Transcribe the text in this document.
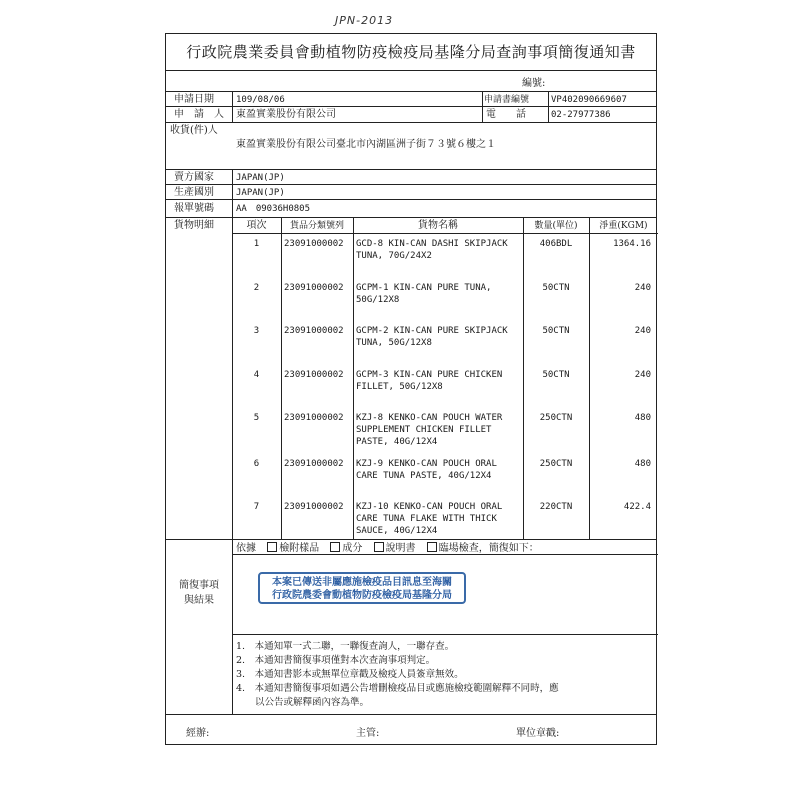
JPN-2013
行政院農業委員會動植物防疫檢疫局基隆分局查詢事項簡復通知書
編號:
申請日期 109/08/06	申請書編號 VP402090669607
申　請　人 東盈實業股份有限公司	電　　話	02-27977386
收貨(件)人
東盈實業股份有限公司臺北市內湖區洲子街７３號６樓之１
賣方國家 JAPAN(JP)
生產國別 JAPAN(JP)
報單號碼 AA　09036H0805
貨物明細	項次	貨品分類號列	貨物名稱	數量(單位)	淨重(KGM)
1	23091000002 GCD-8 KIN-CAN DASHI SKIPJACK
TUNA, 70G/24X2
406BDL	1364.16
2	23091000002 GCPM-1 KIN-CAN PURE TUNA,
50G/12X8
50CTN	240
3	23091000002 GCPM-2 KIN-CAN PURE SKIPJACK
TUNA, 50G/12X8
50CTN	240
4	23091000002 GCPM-3 KIN-CAN PURE CHICKEN
FILLET, 50G/12X8
50CTN	240
5	23091000002 KZJ-8 KENKO-CAN POUCH WATER
SUPPLEMENT CHICKEN FILLET
PASTE, 40G/12X4
250CTN	480
6	23091000002 KZJ-9 KENKO-CAN POUCH ORAL
CARE TUNA PASTE, 40G/12X4
250CTN	480
7	23091000002 KZJ-10 KENKO-CAN POUCH ORAL
CARE TUNA FLAKE WITH THICK
SAUCE, 40G/12X4
220CTN	422.4
依據 檢附樣品 成分 說明書 臨場檢查，簡復如下：
簡復事項
與結果
本案已傳送非屬應施檢疫品目訊息至海關
行政院農委會動植物防疫檢疫局基隆分局
1.　本通知單一式二聯，一聯復查詢人，一聯存查。
2.　本通知書簡復事項僅對本次查詢事項判定。
3.　本通知書影本或無單位章戳及檢疫人員簽章無效。
4.　本通知書簡復事項如遇公告增刪檢疫品目或應施檢疫範圍解釋不同時，應
　　以公告或解釋函內容為準。
經辦:	主管:	單位章戳:
